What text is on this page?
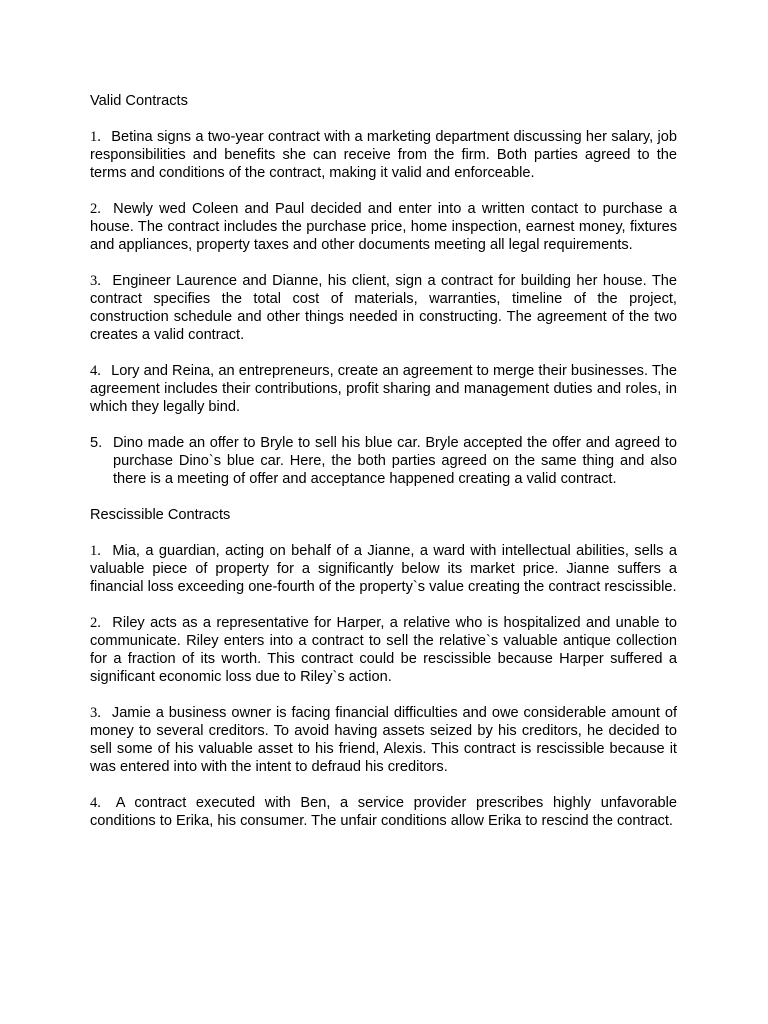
Valid Contracts

1. Betina signs a two-year contract with a marketing department discussing her salary, job responsibilities and benefits she can receive from the firm. Both parties agreed to the terms and conditions of the contract, making it valid and enforceable.

2. Newly wed Coleen and Paul decided and enter into a written contact to purchase a house. The contract includes the purchase price, home inspection, earnest money, fixtures and appliances, property taxes and other documents meeting all legal requirements.

3. Engineer Laurence and Dianne, his client, sign a contract for building her house. The contract specifies the total cost of materials, warranties, timeline of the project, construction schedule and other things needed in constructing. The agreement of the two creates a valid contract.

4. Lory and Reina, an entrepreneurs, create an agreement to merge their businesses. The agreement includes their contributions, profit sharing and management duties and roles, in which they legally bind.

5. Dino made an offer to Bryle to sell his blue car. Bryle accepted the offer and agreed to purchase Dino`s blue car. Here, the both parties agreed on the same thing and also there is a meeting of offer and acceptance happened creating a valid contract.

Rescissible Contracts

1. Mia, a guardian, acting on behalf of a Jianne, a ward with intellectual abilities, sells a valuable piece of property for a significantly below its market price. Jianne suffers a financial loss exceeding one-fourth of the property`s value creating the contract rescissible.

2. Riley acts as a representative for Harper, a relative who is hospitalized and unable to communicate. Riley enters into a contract to sell the relative`s valuable antique collection for a fraction of its worth. This contract could be rescissible because Harper suffered a significant economic loss due to Riley`s action.

3. Jamie a business owner is facing financial difficulties and owe considerable amount of money to several creditors. To avoid having assets seized by his creditors, he decided to sell some of his valuable asset to his friend, Alexis. This contract is rescissible because it was entered into with the intent to defraud his creditors.

4. A contract executed with Ben, a service provider prescribes highly unfavorable conditions to Erika, his consumer. The unfair conditions allow Erika to rescind the contract.
